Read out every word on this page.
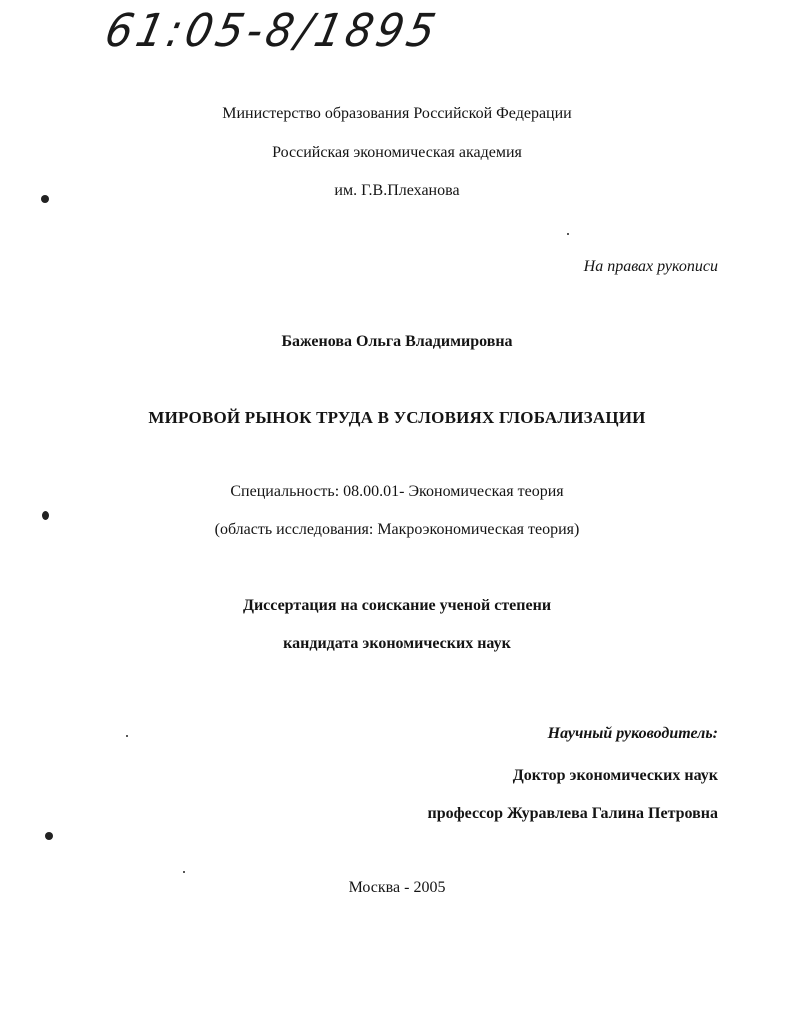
61:05-8/1895
Министерство образования Российской Федерации
Российская экономическая академия
им. Г.В.Плеханова
На правах рукописи
Баженова Ольга Владимировна
МИРОВОЙ РЫНОК ТРУДА В УСЛОВИЯХ ГЛОБАЛИЗАЦИИ
Специальность: 08.00.01- Экономическая теория
(область исследования: Макроэкономическая теория)
Диссертация на соискание ученой степени
кандидата экономических наук
Научный руководитель:
Доктор экономических наук
профессор Журавлева Галина Петровна
Москва - 2005
